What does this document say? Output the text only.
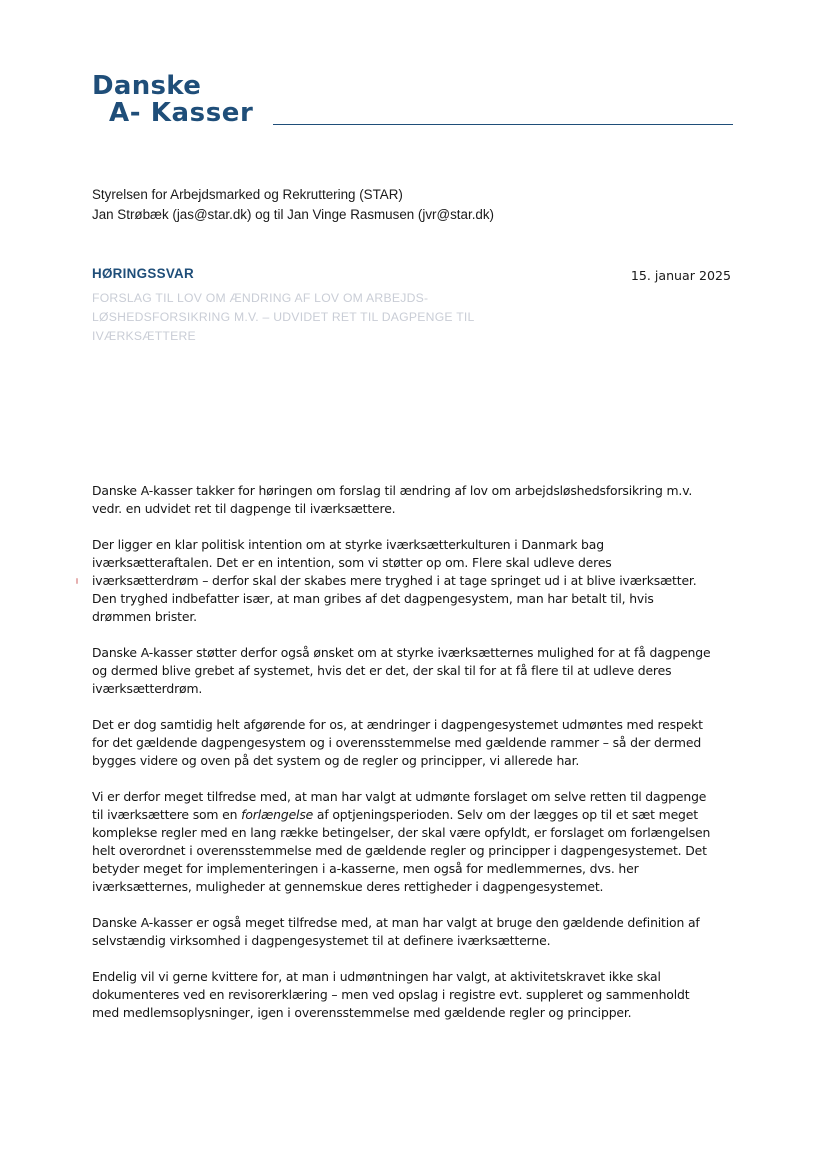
Danske
A- Kasser
Styrelsen for Arbejdsmarked og Rekruttering (STAR)
Jan Strøbæk (jas@star.dk) og til Jan Vinge Rasmusen (jvr@star.dk)
HØRINGSSVAR	15. januar 2025
FORSLAG TIL LOV OM ÆNDRING AF LOV OM ARBEJDS-
LØSHEDSFORSIKRING M.V. – UDVIDET RET TIL DAGPENGE TIL
IVÆRKSÆTTERE

Danske A-kasser takker for høringen om forslag til ændring af lov om arbejdsløshedsforsikring m.v.
vedr. en udvidet ret til dagpenge til iværksættere.

Der ligger en klar politisk intention om at styrke iværksætterkulturen i Danmark bag
iværksætteraftalen. Det er en intention, som vi støtter op om. Flere skal udleve deres
iværksætterdrøm – derfor skal der skabes mere tryghed i at tage springet ud i at blive iværksætter.
Den tryghed indbefatter især, at man gribes af det dagpengesystem, man har betalt til, hvis
drømmen brister.

Danske A-kasser støtter derfor også ønsket om at styrke iværksætternes mulighed for at få dagpenge
og dermed blive grebet af systemet, hvis det er det, der skal til for at få flere til at udleve deres
iværksætterdrøm.

Det er dog samtidig helt afgørende for os, at ændringer i dagpengesystemet udmøntes med respekt
for det gældende dagpengesystem og i overensstemmelse med gældende rammer – så der dermed
bygges videre og oven på det system og de regler og principper, vi allerede har.

Vi er derfor meget tilfredse med, at man har valgt at udmønte forslaget om selve retten til dagpenge
til iværksættere som en forlængelse af optjeningsperioden. Selv om der lægges op til et sæt meget
komplekse regler med en lang række betingelser, der skal være opfyldt, er forslaget om forlængelsen
helt overordnet i overensstemmelse med de gældende regler og principper i dagpengesystemet. Det
betyder meget for implementeringen i a-kasserne, men også for medlemmernes, dvs. her
iværksætternes, muligheder at gennemskue deres rettigheder i dagpengesystemet.

Danske A-kasser er også meget tilfredse med, at man har valgt at bruge den gældende definition af
selvstændig virksomhed i dagpengesystemet til at definere iværksætterne.

Endelig vil vi gerne kvittere for, at man i udmøntningen har valgt, at aktivitetskravet ikke skal
dokumenteres ved en revisorerklæring – men ved opslag i registre evt. suppleret og sammenholdt
med medlemsoplysninger, igen i overensstemmelse med gældende regler og principper.
